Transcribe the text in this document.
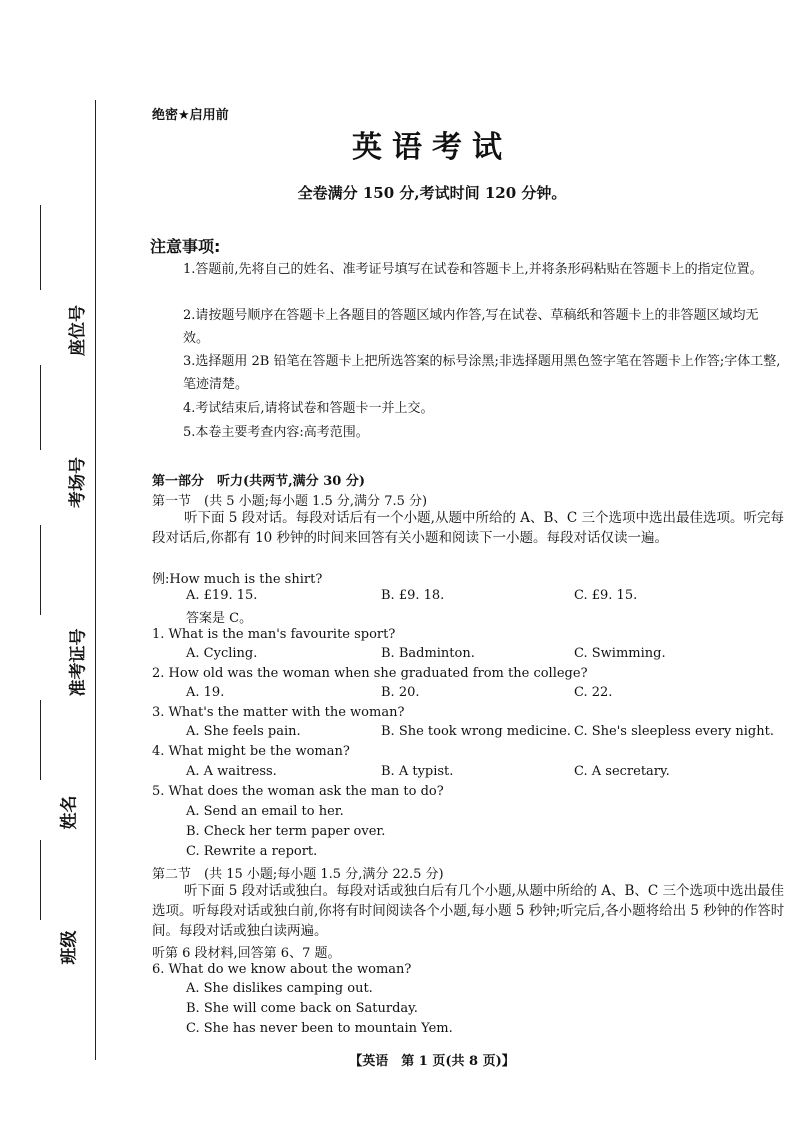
座位号
考场号
准考证号
姓名
班级
绝密★启用前
英语考试
全卷满分 150 分,考试时间 120 分钟。
注意事项:
1.答题前,先将自己的姓名、准考证号填写在试卷和答题卡上,并将条形码粘贴在答题卡上的指定位置。
2.请按题号顺序在答题卡上各题目的答题区域内作答,写在试卷、草稿纸和答题卡上的非答题区域均无效。
3.选择题用 2B 铅笔在答题卡上把所选答案的标号涂黑;非选择题用黑色签字笔在答题卡上作答;字体工整,笔迹清楚。
4.考试结束后,请将试卷和答题卡一并上交。
5.本卷主要考查内容:高考范围。
第一部分　听力(共两节,满分 30 分)
第一节　(共 5 小题;每小题 1.5 分,满分 7.5 分)
听下面 5 段对话。每段对话后有一个小题,从题中所给的 A、B、C 三个选项中选出最佳选项。听完每段对话后,你都有 10 秒钟的时间来回答有关小题和阅读下一小题。每段对话仅读一遍。
例:How much is the shirt?
A. £19. 15.	B. £9. 18.	C. £9. 15.
答案是 C。
1. What is the man's favourite sport?
A. Cycling.	B. Badminton.	C. Swimming.
2. How old was the woman when she graduated from the college?
A. 19.	B. 20.	C. 22.
3. What's the matter with the woman?
A. She feels pain.	B. She took wrong medicine. C. She's sleepless every night.
4. What might be the woman?
A. A waitress.	B. A typist.	C. A secretary.
5. What does the woman ask the man to do?
A. Send an email to her.
B. Check her term paper over.
C. Rewrite a report.
第二节　(共 15 小题;每小题 1.5 分,满分 22.5 分)
听下面 5 段对话或独白。每段对话或独白后有几个小题,从题中所给的 A、B、C 三个选项中选出最佳选项。听每段对话或独白前,你将有时间阅读各个小题,每小题 5 秒钟;听完后,各小题将给出 5 秒钟的作答时间。每段对话或独白读两遍。
听第 6 段材料,回答第 6、7 题。
6. What do we know about the woman?
A. She dislikes camping out.
B. She will come back on Saturday.
C. She has never been to mountain Yem.
【英语　第 1 页(共 8 页)】
